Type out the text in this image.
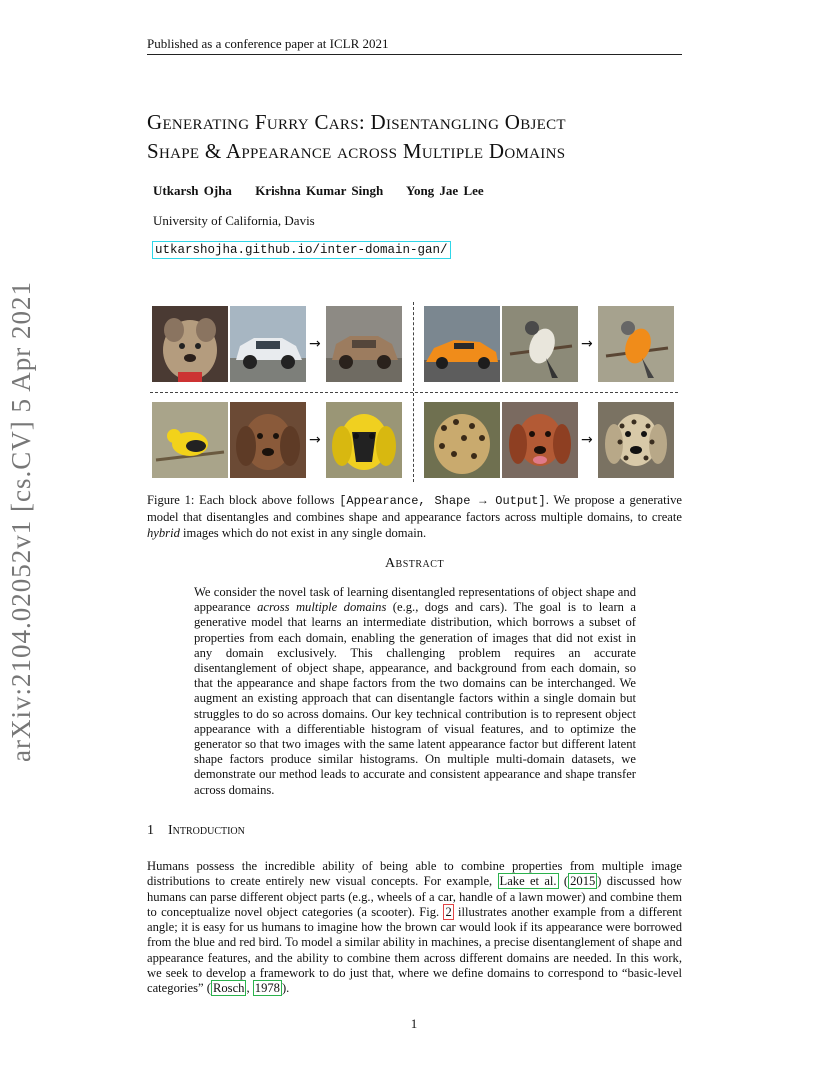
Published as a conference paper at ICLR 2021
arXiv:2104.02052v1 [cs.CV] 5 Apr 2021
Generating Furry Cars: Disentangling Object
Shape & Appearance across Multiple Domains
Utkarsh Ojha Krishna Kumar Singh Yong Jae Lee
University of California, Davis
utkarshojha.github.io/inter-domain-gan/
→	→
→	→
Figure 1: Each block above follows [Appearance, Shape → Output]. We propose a generative model that disentangles and combines shape and appearance factors across multiple domains, to create hybrid images which do not exist in any single domain.
Abstract
We consider the novel task of learning disentangled representations of object shape and appearance across multiple domains (e.g., dogs and cars). The goal is to learn a generative model that learns an intermediate distribution, which borrows a subset of properties from each domain, enabling the generation of images that did not exist in any domain exclusively. This challenging problem requires an accurate disentanglement of object shape, appearance, and background from each domain, so that the appearance and shape factors from the two domains can be interchanged. We augment an existing approach that can disentangle factors within a single domain but struggles to do so across domains. Our key technical contribution is to represent object appearance with a differentiable histogram of visual features, and to optimize the generator so that two images with the same latent appearance factor but different latent shape factors produce similar histograms. On multiple multi-domain datasets, we demonstrate our method leads to accurate and consistent appearance and shape transfer across domains.
1 Introduction
Humans possess the incredible ability of being able to combine properties from multiple image distributions to create entirely new visual concepts. For example, Lake et al. ( 2015 ) discussed how humans can parse different object parts (e.g., wheels of a car, handle of a lawn mower) and combine them to conceptualize novel object categories (a scooter). Fig. 2 illustrates another example from a different angle; it is easy for us humans to imagine how the brown car would look if its appearance were borrowed from the blue and red bird. To model a similar ability in machines, a precise disentanglement of shape and appearance features, and the ability to combine them across different domains are needed. In this work, we seek to develop a framework to do just that, where we define domains to correspond to “basic-level categories” ( Rosch , 1978 ).
1
